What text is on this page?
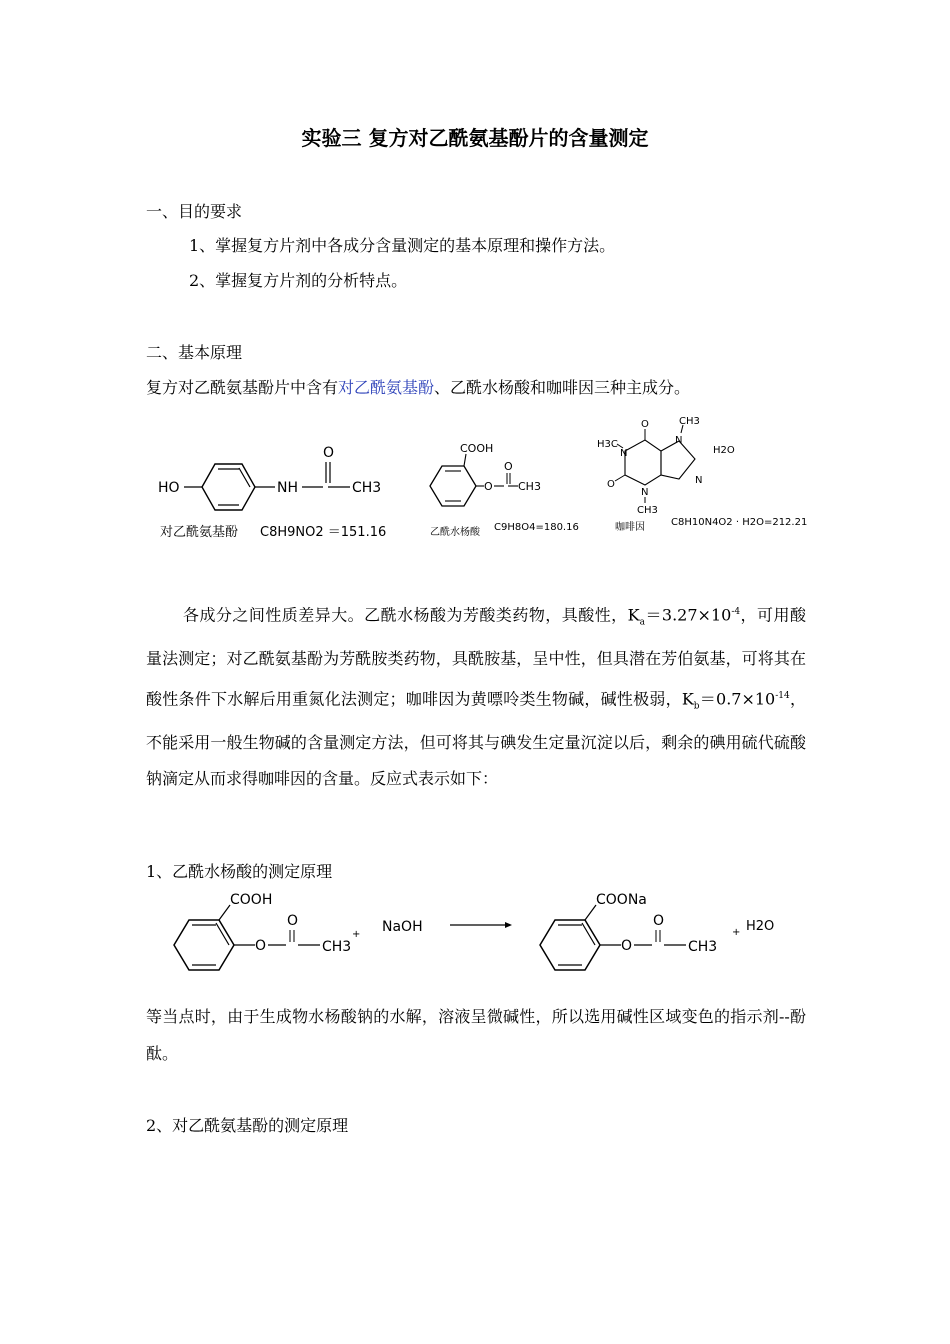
实验三 复方对乙酰氨基酚片的含量测定
一、目的要求
1、掌握复方片剂中各成分含量测定的基本原理和操作方法。
2、掌握复方片剂的分析特点。
二、基本原理
复方对乙酰氨基酚片中含有对乙酰氨基酚、乙酰水杨酸和咖啡因三种主成分。
HO	NH
O
CH3
对乙酰氨基酚 C8H9NO2 ＝151.16
COOH
O
O
CH3
乙酰水杨酸 C9H8O4=180.16
H3C
N
O
O
N
CH3
N
CH3
N
H2O
咖啡因	C8H10N4O2 · H2O=212.21
各成分之间性质差异大。乙酰水杨酸为芳酸类药物，具酸性，$K_a=3.27\times 10^{-4}$，可用酸量法测定；对乙酰氨基酚为芳酰胺类药物，具酰胺基，呈中性，但具潜在芳伯氨基，可将其在酸性条件下水解后用重氮化法测定；咖啡因为黄嘌呤类生物碱，碱性极弱，$K_b=0.7\times 10^{-14}$，不能采用一般生物碱的含量测定方法，但可将其与碘发生定量沉淀以后，剩余的碘用硫代硫酸钠滴定从而求得咖啡因的含量。反应式表示如下：
1、乙酰水杨酸的测定原理
COOH
O
O
CH3
+ NaOH
COONa
O
O
CH3
+ H2O
等当点时，由于生成物水杨酸钠的水解，溶液呈微碱性，所以选用碱性区域变色的指示剂--酚酞。
2、对乙酰氨基酚的测定原理
